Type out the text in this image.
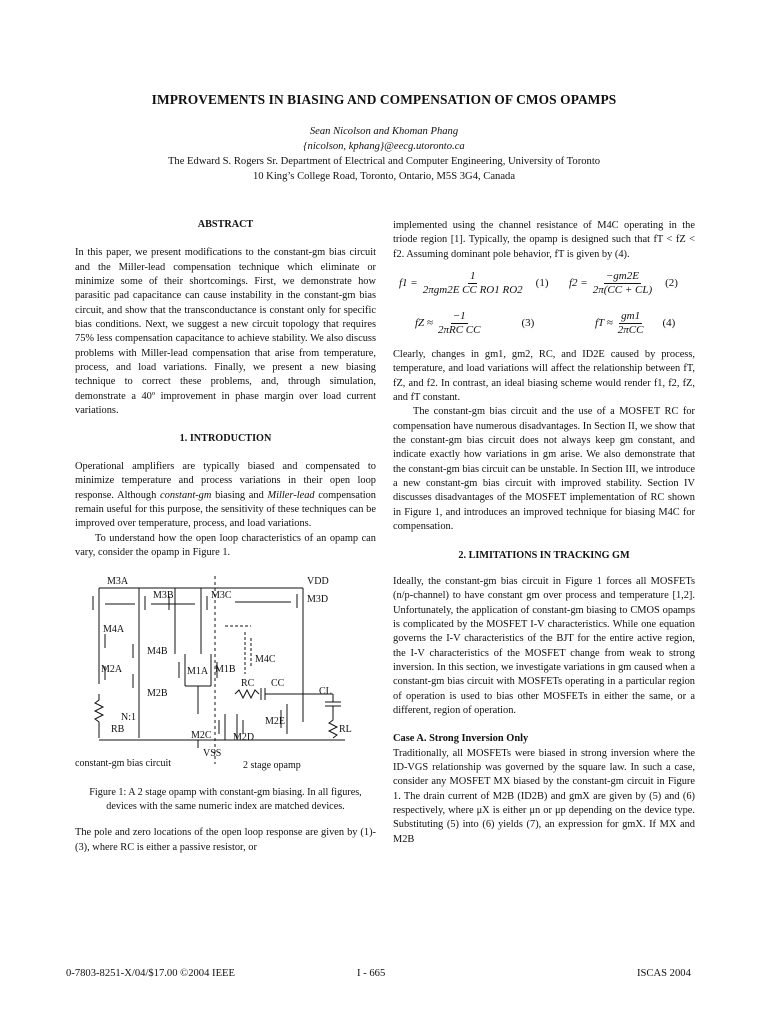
IMPROVEMENTS IN BIASING AND COMPENSATION OF CMOS OPAMPS
Sean Nicolson and Khoman Phang
{nicolson, kphang}@eecg.utoronto.ca
The Edward S. Rogers Sr. Department of Electrical and Computer Engineering, University of Toronto
10 King’s College Road, Toronto, Ontario, M5S 3G4, Canada

ABSTRACT

In this paper, we present modifications to the constant-gm bias circuit and the Miller-lead compensation technique which eliminate or minimize some of their shortcomings. First, we demonstrate how parasitic pad capacitance can cause instability in the constant-gm bias circuit, and show that the transconductance is constant only for specific bias conditions. Next, we suggest a new circuit topology that requires 75% less compensation capacitance to achieve stability. We also discuss problems with Miller-lead compensation that arise from temperature, process, and load variations. Finally, we present a new biasing technique to correct these problems, and, through simulation, demonstrate a 40º improvement in phase margin over load current variations.

1. INTRODUCTION

Operational amplifiers are typically biased and compensated to minimize temperature and process variations in their open loop response. Although constant-gm biasing and Miller-lead compensation remain useful for this purpose, the sensitivity of these techniques can be improved over temperature, process, and load variations.

To understand how the open loop characteristics of an opamp can vary, consider the opamp in Figure 1.

M3A
M3B	M3C
VDD
M3D
M4A
M4B
M2A
M2B
M1A M1B
M4C
CC
RC
CL
RL
N:1
RB
M2C M2D
M2E
VSS
constant-gm bias circuit	2 stage opamp

Figure 1: A 2 stage opamp with constant-gm biasing. In all figures, devices with the same numeric index are matched devices.

The pole and zero locations of the open loop response are given by (1)-(3), where RC is either a passive resistor, or

implemented using the channel resistance of M4C operating in the triode region [1]. Typically, the opamp is designed such that fT < fZ < f2. Assuming dominant pole behavior, fT is given by (4).

$f1 = \frac{1}{\text{2πgm2E CC RO1 RO2}} (1) f2 = \frac{-gm2E}{2\pi(CC + CL)} (2)$
fZ ≈ $\frac{-1}{\text{2πRC CC}}$	(3)	fT ≈ $\frac{gm1}{\text{2πCC}} (4)$

Clearly, changes in gm1, gm2, RC, and ID2E caused by process, temperature, and load variations will affect the relationship between fT, fZ, and f2. In contrast, an ideal biasing scheme would render f1, f2, fZ, and fT constant.

The constant-gm bias circuit and the use of a MOSFET RC for compensation have numerous disadvantages. In Section II, we show that the constant-gm bias circuit does not always keep gm constant, and indicate exactly how variations in gm arise. We also demonstrate that the constant-gm bias circuit can be unstable. In Section III, we introduce a new constant-gm bias circuit with improved stability. Section IV discusses disadvantages of the MOSFET implementation of RC shown in Figure 1, and introduces an improved technique for biasing M4C for compensation.

2. LIMITATIONS IN TRACKING GM

Ideally, the constant-gm bias circuit in Figure 1 forces all MOSFETs (n/p-channel) to have constant gm over process and temperature [1,2]. Unfortunately, the application of constant-gm biasing to CMOS opamps is complicated by the MOSFET I-V characteristics. While one equation governs the I-V characteristics of the BJT for the entire active region, the I-V characteristics of the MOSFET change from weak to strong inversion. In this section, we investigate variations in gm caused when a constant-gm bias circuit with MOSFETs operating in a particular region of operation is used to bias other MOSFETs in either the same, or a different, region of operation.

Case A. Strong Inversion Only

Traditionally, all MOSFETs were biased in strong inversion where the ID-VGS relationship was governed by the square law. In such a case, consider any MOSFET MX biased by the constant-gm circuit in Figure 1. The drain current of M2B (ID2B) and gmX are given by (5) and (6) respectively, where μX is either μn or μp depending on the device type. Substituting (5) into (6) yields (7), an expression for gmX. If MX and M2B

0-7803-8251-X/04/$17.00 ©2004 IEEE	I - 665	ISCAS 2004
